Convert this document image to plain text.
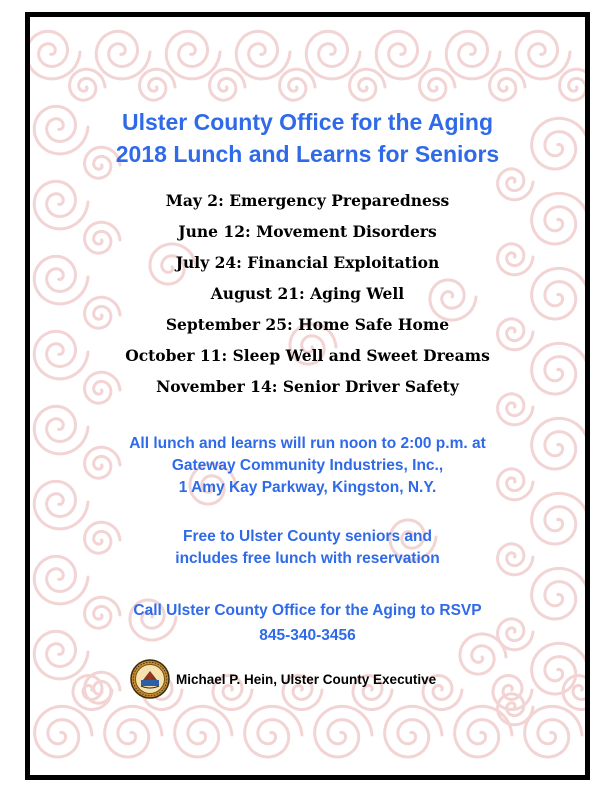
Ulster County Office for the Aging
2018 Lunch and Learns for Seniors
May 2: Emergency Preparedness
June 12: Movement Disorders
July 24: Financial Exploitation
August 21: Aging Well
September 25: Home Safe Home
October 11: Sleep Well and Sweet Dreams
November 14: Senior Driver Safety
All lunch and learns will run noon to 2:00 p.m. at
Gateway Community Industries, Inc.,
1 Amy Kay Parkway, Kingston, N.Y.
Free to Ulster County seniors and
includes free lunch with reservation
Call Ulster County Office for the Aging to RSVP
845-340-3456
Michael P. Hein, Ulster County Executive
